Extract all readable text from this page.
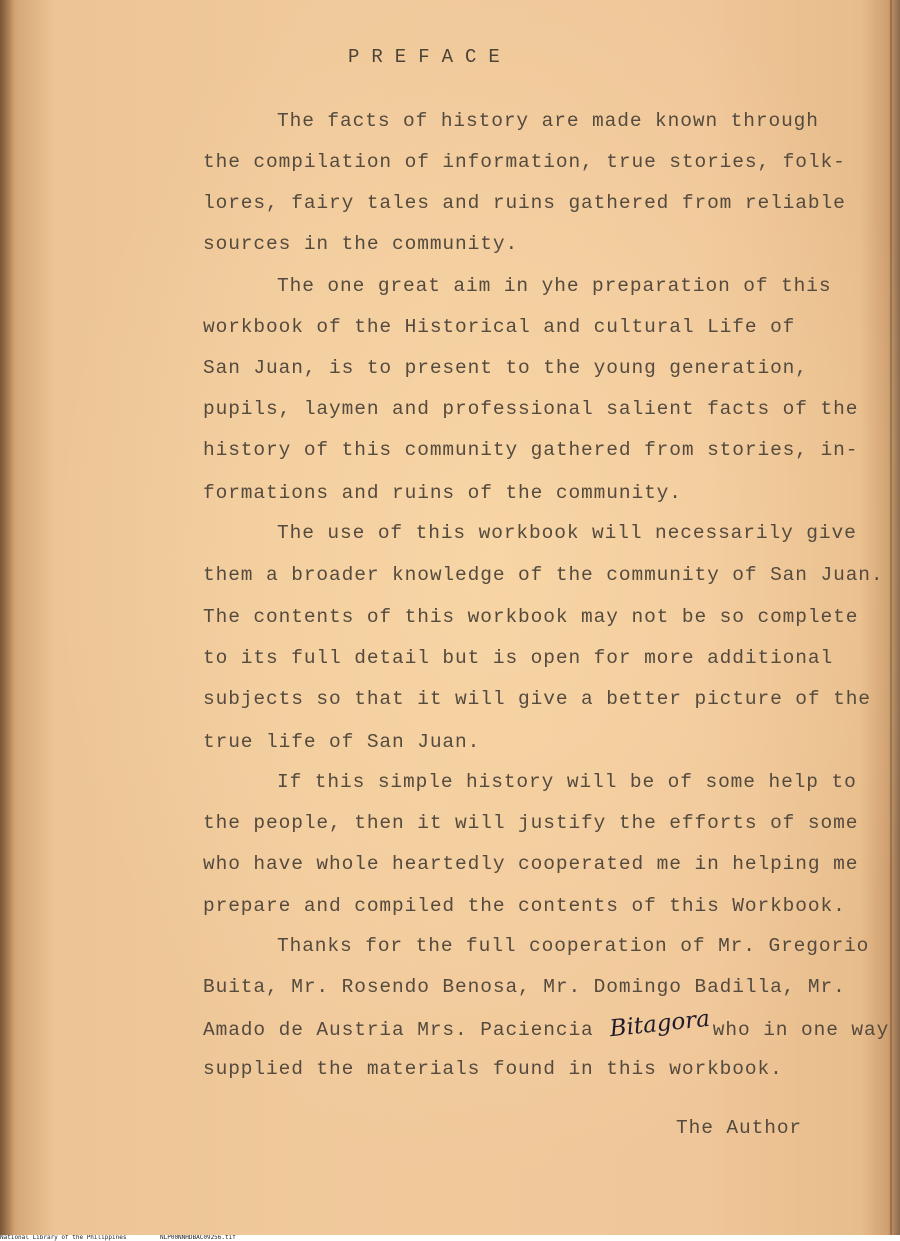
PREFACE
The facts of history are made known through
the compilation of information, true stories, folk-
lores, fairy tales and ruins gathered from reliable
sources in the community.
The one great aim in yhe preparation of this
workbook of the Historical and cultural Life of
San Juan, is to present to the young generation,
pupils, laymen and professional salient facts of the
history of this community gathered from stories, in-
formations and ruins of the community.
The use of this workbook will necessarily give
them a broader knowledge of the community of San Juan.
The contents of this workbook may not be so complete
to its full detail but is open for more additional
subjects so that it will give a better picture of the
true life of San Juan.
If this simple history will be of some help to
the people, then it will justify the efforts of some
who have whole heartedly cooperated me in helping me
prepare and compiled the contents of this Workbook.
Thanks for the full cooperation of Mr. Gregorio
Buita, Mr. Rosendo Benosa, Mr. Domingo Badilla, Mr.
Amado de Austria Mrs. Paciencia Bitagorawho in one way
supplied the materials found in this workbook.
The Author
National Library of the Philippines	NLP00NNHDBAC09256.tif
